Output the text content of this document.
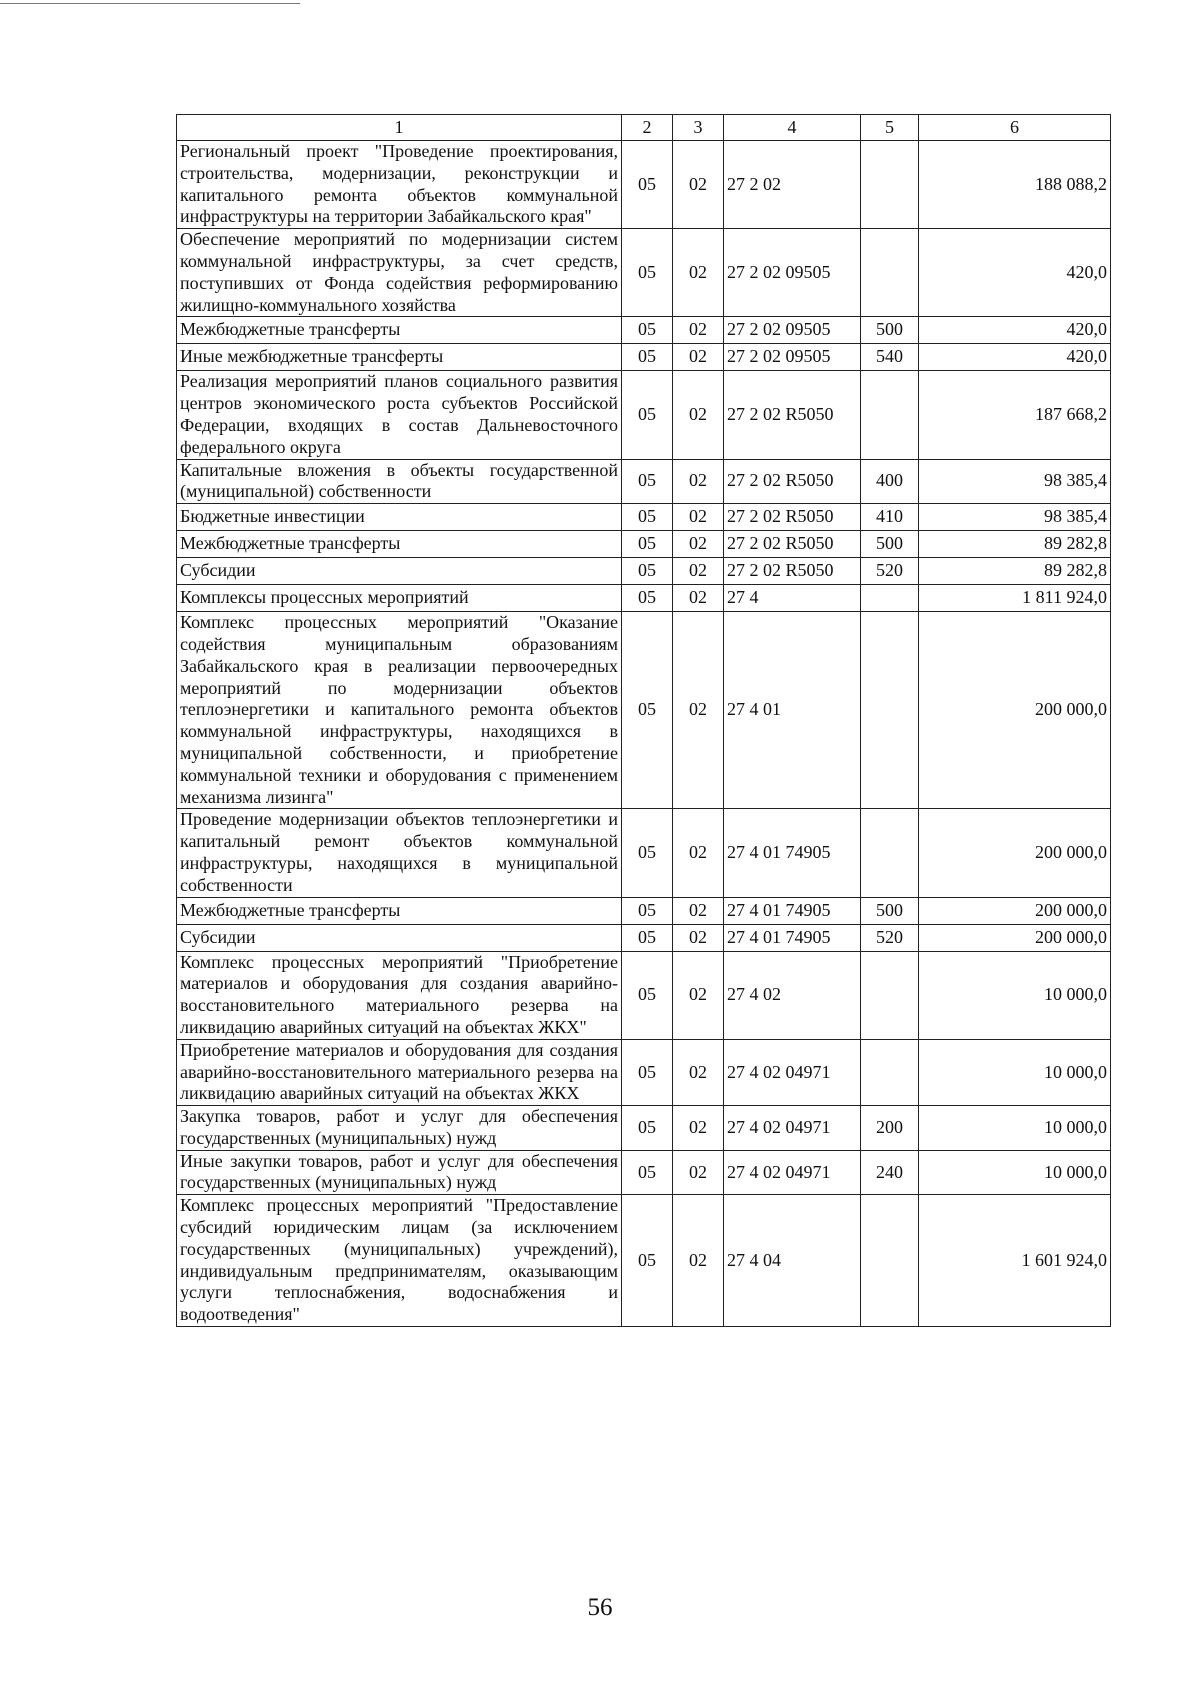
1	2	3	4	5	6
Региональный проект "Проведение проектирования, строительства, модернизации, реконструкции и капитального ремонта объектов коммунальной инфраструктуры на территории Забайкальского края"	05	02	27 2 02		188 088,2
Обеспечение мероприятий по модернизации систем коммунальной инфраструктуры, за счет средств, поступивших от Фонда содействия реформированию жилищно-коммунального хозяйства	05	02	27 2 02 09505		420,0
Межбюджетные трансферты	05	02	27 2 02 09505	500	420,0
Иные межбюджетные трансферты	05	02	27 2 02 09505	540	420,0
Реализация мероприятий планов социального развития центров экономического роста субъектов Российской Федерации, входящих в состав Дальневосточного федерального округа	05	02	27 2 02 R5050		187 668,2
Капитальные вложения в объекты государственной (муниципальной) собственности	05	02	27 2 02 R5050	400	98 385,4
Бюджетные инвестиции	05	02	27 2 02 R5050	410	98 385,4
Межбюджетные трансферты	05	02	27 2 02 R5050	500	89 282,8
Субсидии	05	02	27 2 02 R5050	520	89 282,8
Комплексы процессных мероприятий	05	02	27 4		1 811 924,0
Комплекс процессных мероприятий "Оказание содействия муниципальным образованиям Забайкальского края в реализации первоочередных мероприятий по модернизации объектов теплоэнергетики и капитального ремонта объектов коммунальной инфраструктуры, находящихся в муниципальной собственности, и приобретение коммунальной техники и оборудования с применением механизма лизинга"	05	02	27 4 01		200 000,0
Проведение модернизации объектов теплоэнергетики и капитальный ремонт объектов коммунальной инфраструктуры, находящихся в муниципальной собственности	05	02	27 4 01 74905		200 000,0
Межбюджетные трансферты	05	02	27 4 01 74905	500	200 000,0
Субсидии	05	02	27 4 01 74905	520	200 000,0
Комплекс процессных мероприятий "Приобретение материалов и оборудования для создания аварийно-восстановительного материального резерва на ликвидацию аварийных ситуаций на объектах ЖКХ"	05	02	27 4 02		10 000,0
Приобретение материалов и оборудования для создания аварийно-восстановительного материального резерва на ликвидацию аварийных ситуаций на объектах ЖКХ	05	02	27 4 02 04971		10 000,0
Закупка товаров, работ и услуг для обеспечения государственных (муниципальных) нужд	05	02	27 4 02 04971	200	10 000,0
Иные закупки товаров, работ и услуг для обеспечения государственных (муниципальных) нужд	05	02	27 4 02 04971	240	10 000,0
Комплекс процессных мероприятий "Предоставление субсидий юридическим лицам (за исключением государственных (муниципальных) учреждений), индивидуальным предпринимателям, оказывающим услуги теплоснабжения, водоснабжения и водоотведения"	05	02	27 4 04		1 601 924,0
56
